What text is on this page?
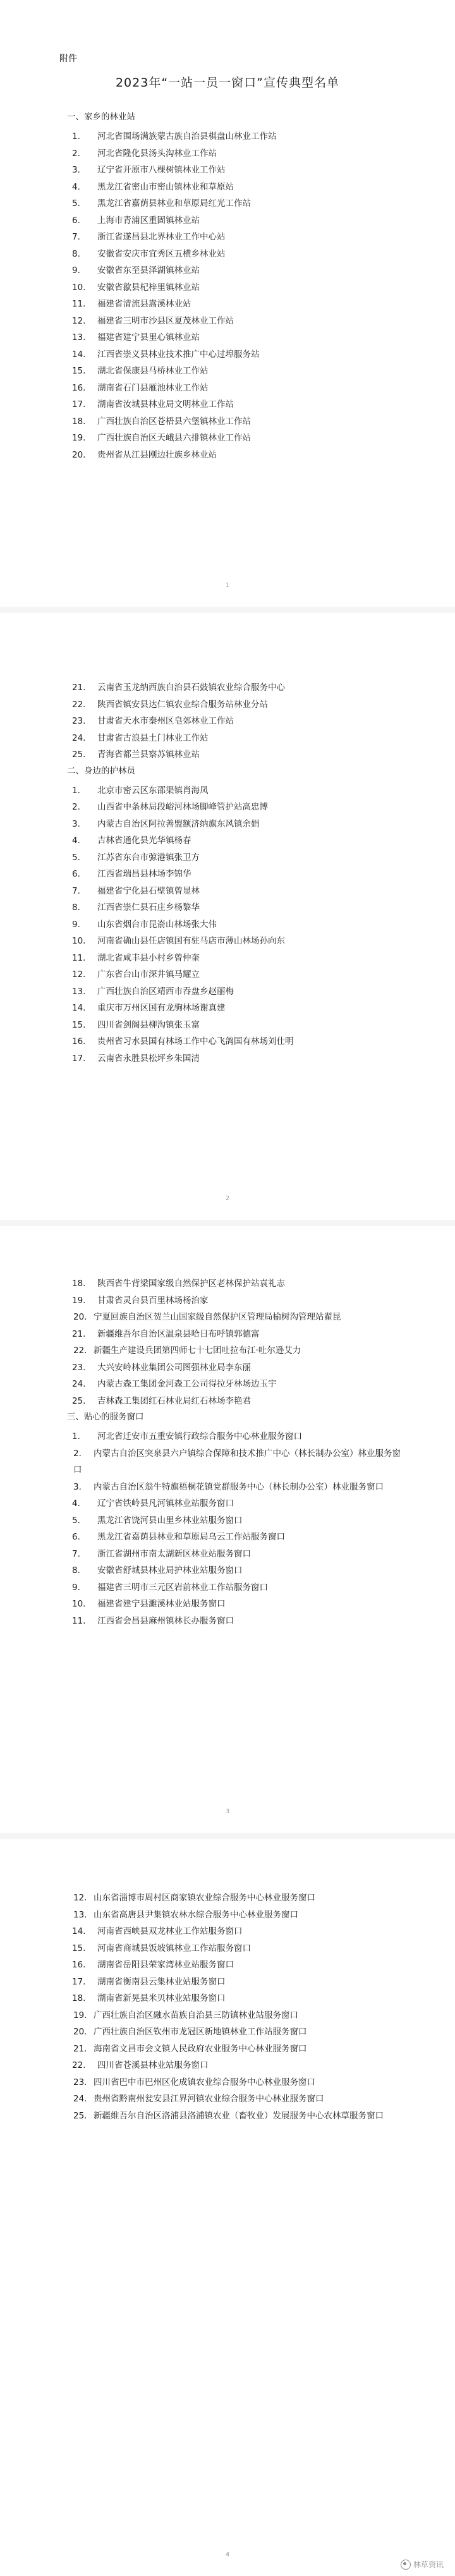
附件
2023年“一站一员一窗口”宣传典型名单
一、家乡的林业站
1. 河北省围场满族蒙古族自治县棋盘山林业工作站
2. 河北省隆化县汤头沟林业工作站
3. 辽宁省开原市八棵树镇林业工作站
4. 黑龙江省密山市密山镇林业和草原站
5. 黑龙江省嘉荫县林业和草原局红光工作站
6. 上海市青浦区重固镇林业站
7. 浙江省遂昌县北界林业工作中心站
8. 安徽省安庆市宜秀区五横乡林业站
9. 安徽省东至县泽湖镇林业站
10. 安徽省歙县杞梓里镇林业站
11. 福建省清流县嵩溪林业站
12. 福建省三明市沙县区夏茂林业工作站
13. 福建省建宁县里心镇林业站
14. 江西省崇义县林业技术推广中心过埠服务站
15. 湖北省保康县马桥林业工作站
16. 湖南省石门县雁池林业工作站
17. 湖南省汝城县林业局文明林业工作站
18. 广西壮族自治区苍梧县六堡镇林业工作站
19. 广西壮族自治区天峨县六排镇林业工作站
20. 贵州省从江县刚边壮族乡林业站
1
21. 云南省玉龙纳西族自治县石鼓镇农业综合服务中心
22. 陕西省镇安县达仁镇农业综合服务站林业分站
23. 甘肃省天水市秦州区皂郊林业工作站
24. 甘肃省古浪县土门林业工作站
25. 青海省都兰县察苏镇林业站
二、身边的护林员
1. 北京市密云区东邵渠镇肖海凤
2. 山西省中条林局段峪河林场脚峰管护站高忠博
3. 内蒙古自治区阿拉善盟额济纳旗东风镇余娟
4. 吉林省通化县光华镇杨春
5. 江苏省东台市弶港镇张卫方
6. 江西省瑞昌县林场李锦华
7. 福建省宁化县石壁镇曾显林
8. 江西省崇仁县石庄乡杨黎华
9. 山东省烟台市昆嵛山林场张大伟
10. 河南省确山县任店镇国有驻马店市薄山林场孙向东
11. 湖北省咸丰县小村乡曾仲奎
12. 广东省台山市深井镇马耀立
13. 广西壮族自治区靖西市吞盘乡赵丽梅
14. 重庆市万州区国有龙驹林场谢真建
15. 四川省剑阁县柳沟镇张玉富
16. 贵州省习水县国有林场工作中心飞鸽国有林场刘仕明
17. 云南省永胜县松坪乡朱国清
2
18. 陕西省牛背梁国家级自然保护区老林保护站袁礼志
19. 甘肃省灵台县百里林场杨治家
20. 宁夏回族自治区贺兰山国家级自然保护区管理局榆树沟管理站翟昆
21. 新疆维吾尔自治区温泉县哈日布呼镇郭德富
22. 新疆生产建设兵团第四师七十七团吐拉布江·吐尔逊艾力
23. 大兴安岭林业集团公司图强林业局李东丽
24. 内蒙古森工集团金河森工公司得拉牙林场边玉宇
25. 吉林森工集团红石林业局红石林场李艳君
三、贴心的服务窗口
1. 河北省迁安市五重安镇行政综合服务中心林业服务窗口
2. 内蒙古自治区突泉县六户镇综合保障和技术推广中心（林长制办公室）林业服务窗口
3. 内蒙古自治区翁牛特旗梧桐花镇党群服务中心（林长制办公室）林业服务窗口
4. 辽宁省铁岭县凡河镇林业站服务窗口
5. 黑龙江省饶河县山里乡林业站服务窗口
6. 黑龙江省嘉荫县林业和草原局乌云工作站服务窗口
7. 浙江省湖州市南太湖新区林业站服务窗口
8. 安徽省舒城县林业局护林业站服务窗口
9. 福建省三明市三元区岩前林业工作站服务窗口
10. 福建省建宁县濉溪林业站服务窗口
11. 江西省会昌县麻州镇林长办服务窗口
3
12. 山东省淄博市周村区商家镇农业综合服务中心林业服务窗口
13. 山东省高唐县尹集镇农林水综合服务中心林业服务窗口
14. 河南省西峡县双龙林业工作站服务窗口
15. 河南省商城县饭坡镇林业工作站服务窗口
16. 湖南省岳阳县荣家湾林业站服务窗口
17. 湖南省衡南县云集林业站服务窗口
18. 湖南省新晃县米贝林业站服务窗口
19. 广西壮族自治区融水苗族自治县三防镇林业站服务窗口
20. 广西壮族自治区钦州市龙冠区新地镇林业工作站服务窗口
21. 海南省文昌市会文镇人民政府农业服务中心林业服务窗口
22. 四川省苍溪县林业站服务窗口
23. 四川省巴中市巴州区化成镇农业综合服务中心林业服务窗口
24. 贵州省黔南州瓮安县江界河镇农业综合服务中心林业服务窗口
25. 新疆维吾尔自治区洛浦县洛浦镇农业（畜牧业）发展服务中心农林草服务窗口
4
林草资讯
